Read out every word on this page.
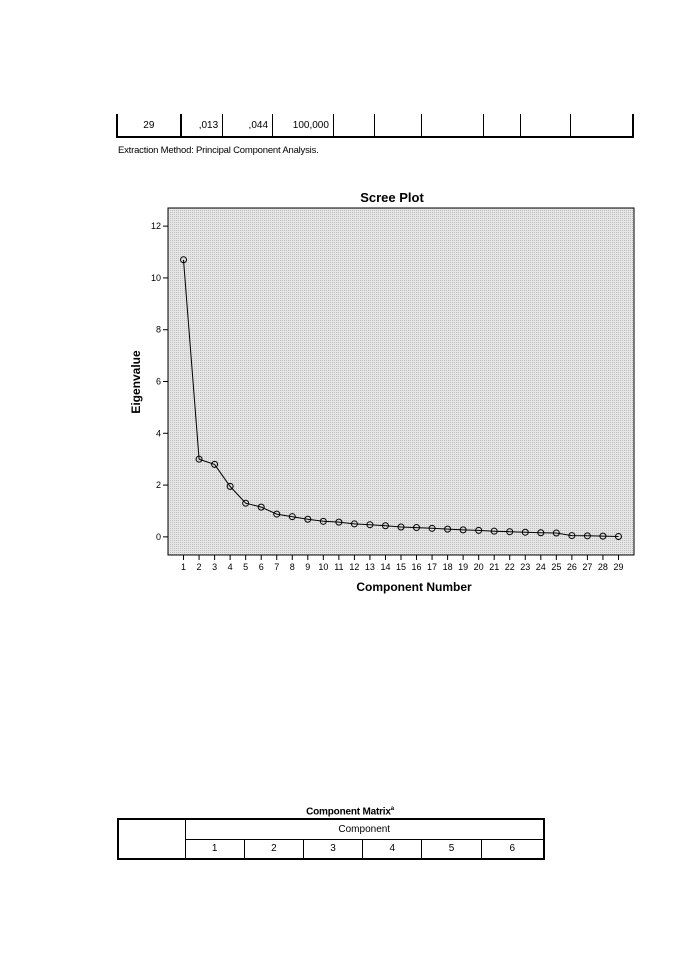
29	,013	,044	100,000						
Extraction Method: Principal Component Analysis.
Scree Plot
0
2
4
6
8
10
12
1 2 3 4 5 6 7 8 9 10 11 12 13 14 15 16 17 18 19 20 21 22 23 24 25 26 27 28 29
Component Number
Eigenvalue
Component Matrix$^a$
	Component					
	1	2	3	4	5	6
